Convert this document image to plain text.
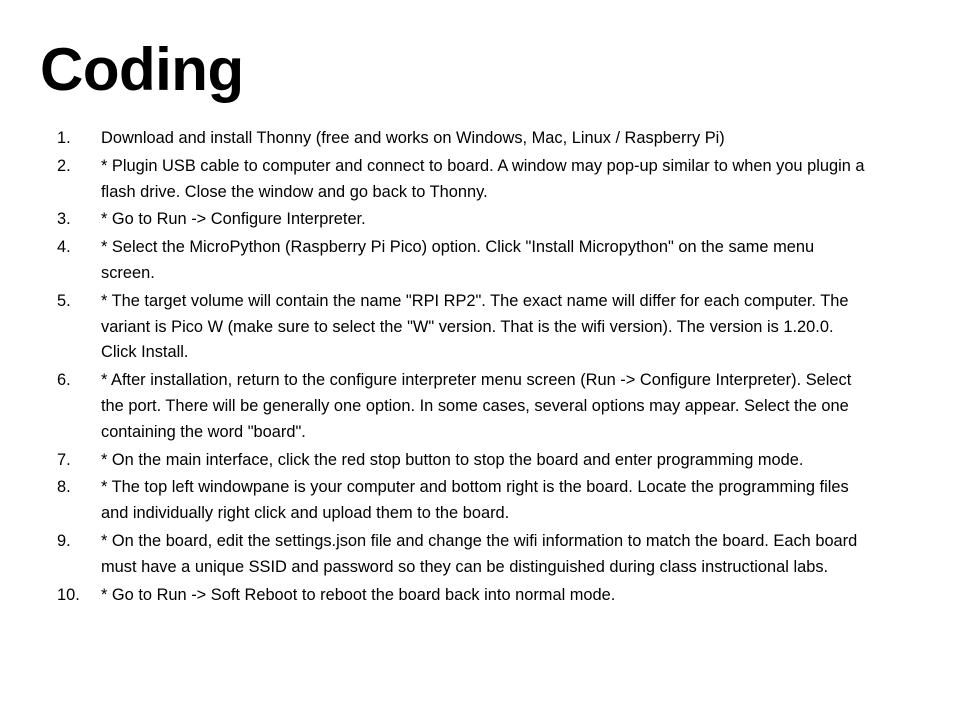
Coding
1.	Download and install Thonny (free and works on Windows, Mac, Linux / Raspberry Pi)
2.	* Plugin USB cable to computer and connect to board. A window may pop-up similar to when you plugin a flash drive. Close the window and go back to Thonny.
3.	* Go to Run -> Configure Interpreter.
4.	* Select the MicroPython (Raspberry Pi Pico) option. Click "Install Micropython" on the same menu screen.
5.	* The target volume will contain the name "RPI RP2". The exact name will differ for each computer. The variant is Pico W (make sure to select the "W" version. That is the wifi version). The version is 1.20.0. Click Install.
6.	* After installation, return to the configure interpreter menu screen (Run -> Configure Interpreter). Select the port. There will be generally one option. In some cases, several options may appear. Select the one containing the word "board".
7.	* On the main interface, click the red stop button to stop the board and enter programming mode.
8.	* The top left windowpane is your computer and bottom right is the board. Locate the programming files and individually right click and upload them to the board.
9.	* On the board, edit the settings.json file and change the wifi information to match the board. Each board must have a unique SSID and password so they can be distinguished during class instructional labs.
10.	* Go to Run -> Soft Reboot to reboot the board back into normal mode.
